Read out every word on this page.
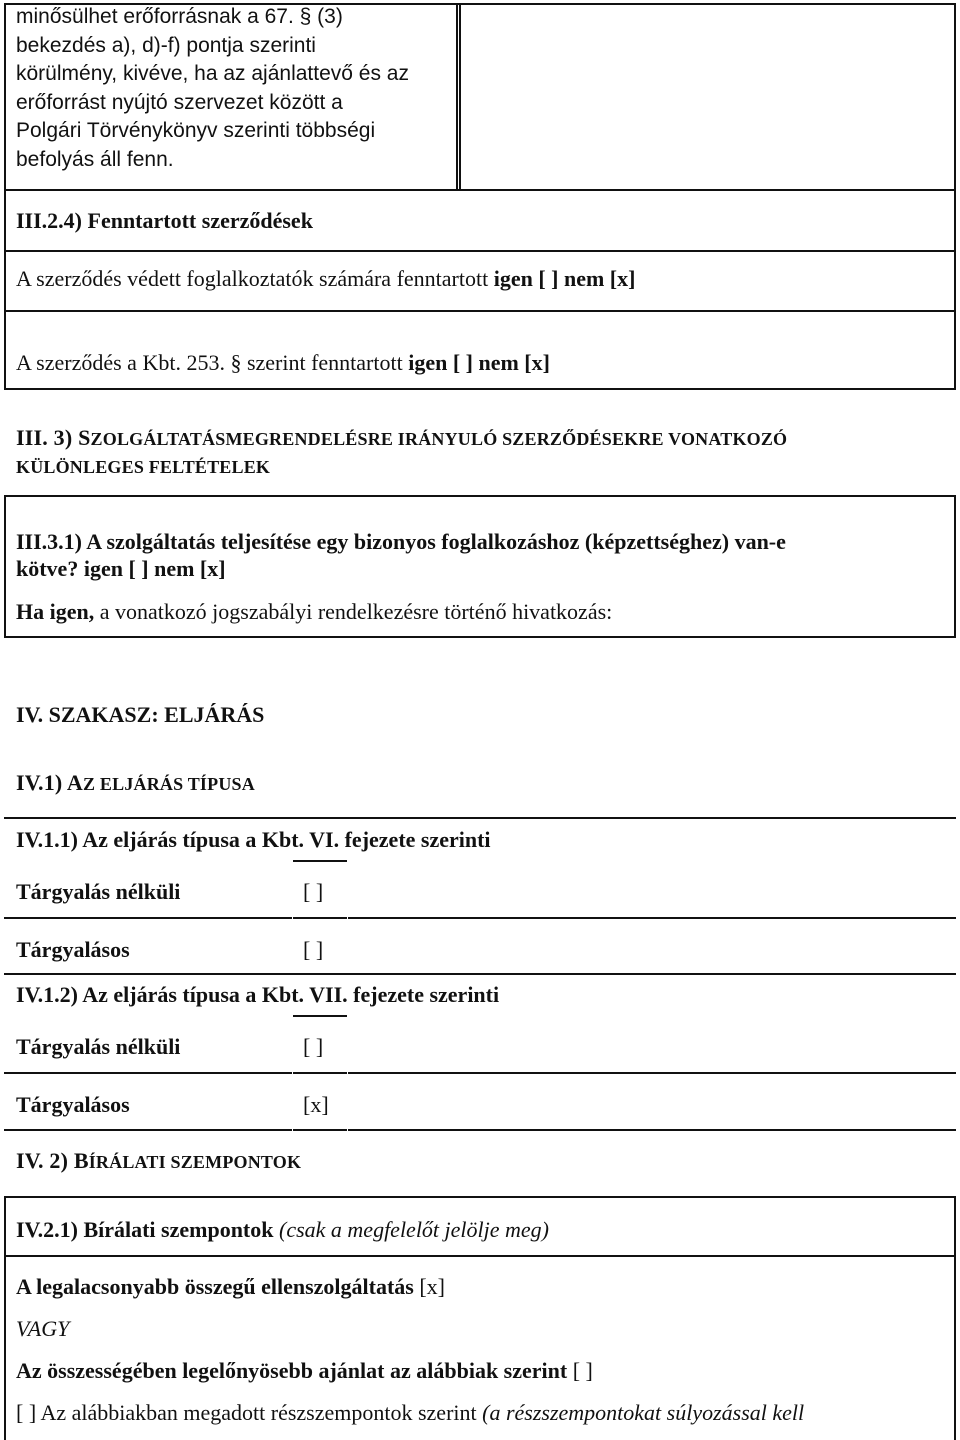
minősülhet erőforrásnak a 67. § (3)
bekezdés a), d)-f) pontja szerinti
körülmény, kivéve, ha az ajánlattevő és az
erőforrást nyújtó szervezet között a
Polgári Törvénykönyv szerinti többségi
befolyás áll fenn.
III.2.4) Fenntartott szerződések
A szerződés védett foglalkoztatók számára fenntartott igen [ ] nem [x]
A szerződés a Kbt. 253. § szerint fenntartott igen [ ] nem [x]
III. 3) SZOLGÁLTATÁSMEGRENDELÉSRE IRÁNYULÓ SZERZŐDÉSEKRE VONATKOZÓ
KÜLÖNLEGES FELTÉTELEK
III.3.1) A szolgáltatás teljesítése egy bizonyos foglalkozáshoz (képzettséghez) van-e
kötve? igen [ ] nem [x]
Ha igen, a vonatkozó jogszabályi rendelkezésre történő hivatkozás:
IV. SZAKASZ: ELJÁRÁS
IV.1) AZ ELJÁRÁS TÍPUSA
IV.1.1) Az eljárás típusa a Kbt. VI. fejezete szerinti
Tárgyalás nélküli	[ ]
Tárgyalásos	[ ]
IV.1.2) Az eljárás típusa a Kbt. VII. fejezete szerinti
Tárgyalás nélküli	[ ]
Tárgyalásos	[x]
IV. 2) BÍRÁLATI SZEMPONTOK
IV.2.1) Bírálati szempontok (csak a megfelelőt jelölje meg)
A legalacsonyabb összegű ellenszolgáltatás [x]
VAGY
Az összességében legelőnyösebb ajánlat az alábbiak szerint [ ]
[ ] Az alábbiakban megadott részszempontok szerint (a részszempontokat súlyozással kell
